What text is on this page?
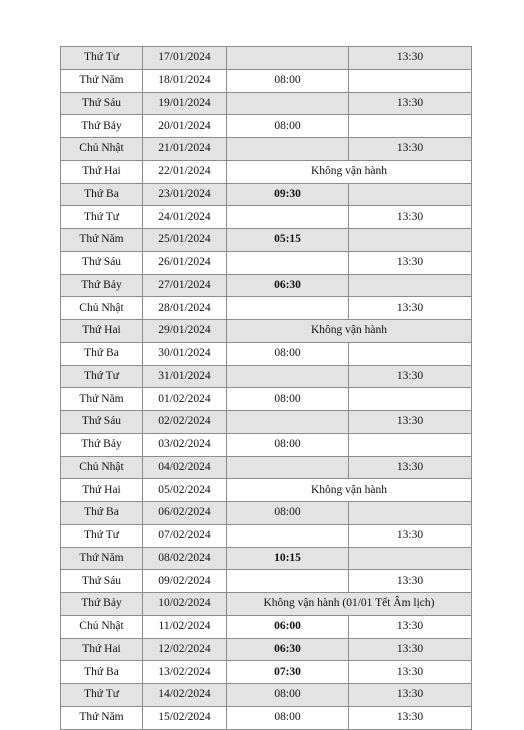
Thứ Tư	17/01/2024		13:30
Thứ Năm	18/01/2024	08:00	
Thứ Sáu	19/01/2024		13:30
Thứ Bảy	20/01/2024	08:00	
Chủ Nhật	21/01/2024		13:30
Thứ Hai	22/01/2024	Không vận hành	
Thứ Ba	23/01/2024	09:30	
Thứ Tư	24/01/2024		13:30
Thứ Năm	25/01/2024	05:15	
Thứ Sáu	26/01/2024		13:30
Thứ Bảy	27/01/2024	06:30	
Chủ Nhật	28/01/2024		13:30
Thứ Hai	29/01/2024	Không vận hành	
Thứ Ba	30/01/2024	08:00	
Thứ Tư	31/01/2024		13:30
Thứ Năm	01/02/2024	08:00	
Thứ Sáu	02/02/2024		13:30
Thứ Bảy	03/02/2024	08:00	
Chủ Nhật	04/02/2024		13:30
Thứ Hai	05/02/2024	Không vận hành	
Thứ Ba	06/02/2024	08:00	
Thứ Tư	07/02/2024		13:30
Thứ Năm	08/02/2024	10:15	
Thứ Sáu	09/02/2024		13:30
Thứ Bảy	10/02/2024	Không vận hành (01/01 Tết Âm lịch)	
Chủ Nhật	11/02/2024	06:00	13:30
Thứ Hai	12/02/2024	06:30	13:30
Thứ Ba	13/02/2024	07:30	13:30
Thứ Tư	14/02/2024	08:00	13:30
Thứ Năm	15/02/2024	08:00	13:30
